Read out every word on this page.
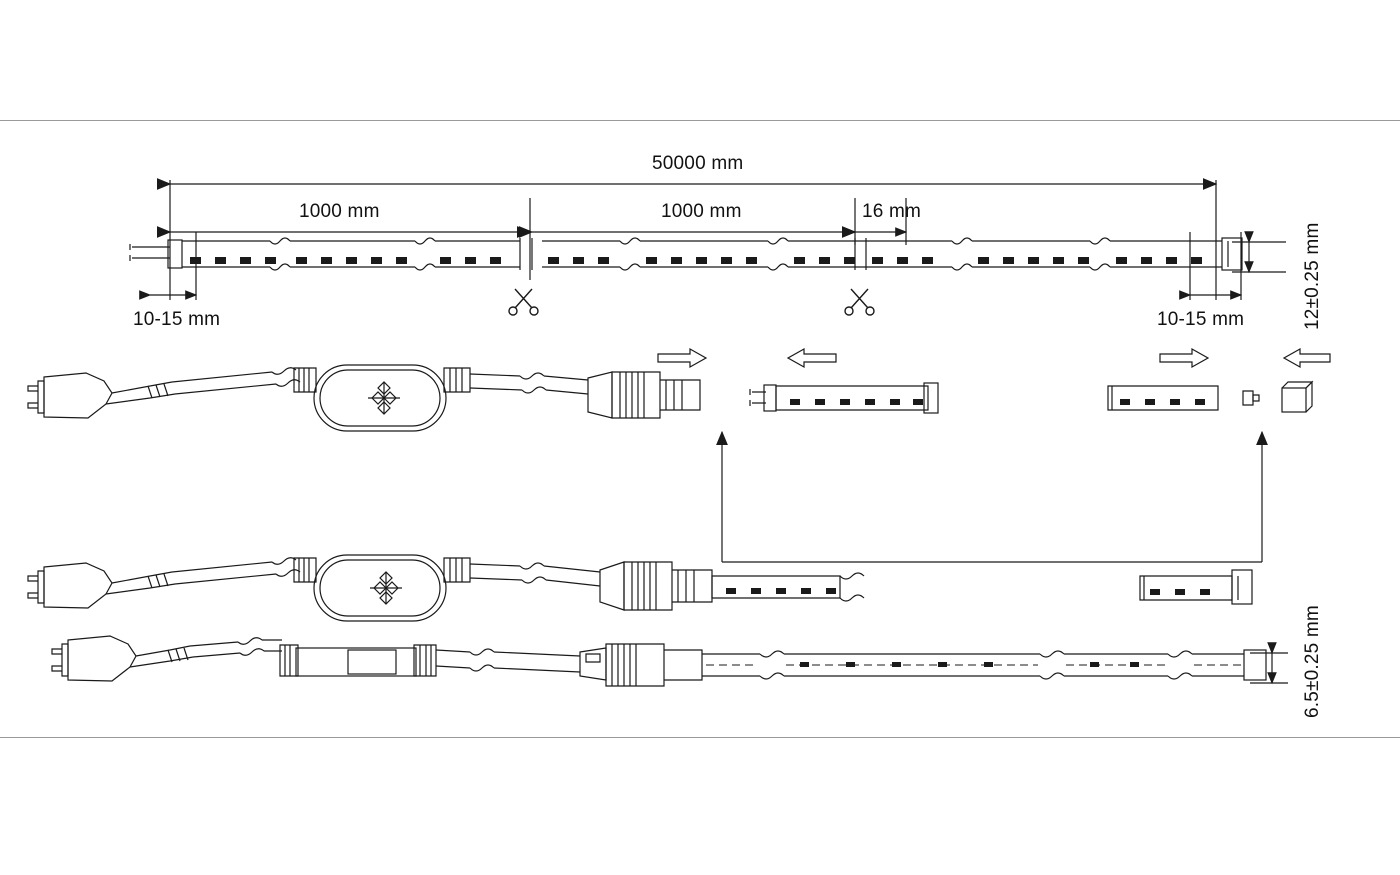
50000 mm
1000 mm	1000 mm	16 mm
10-15 mm	10-15 mm	12±0.25 mm
6.5±0.25 mm
